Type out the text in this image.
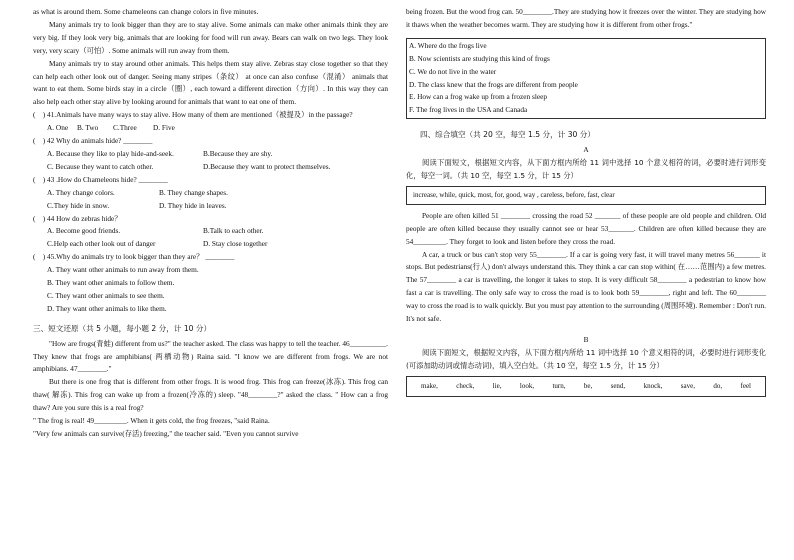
as what is around them. Some chameleons can change colors in five minutes.

Many animals try to look bigger than they are to stay alive. Some animals can make other animals think they are very big. If they look very big, animals that are looking for food will run away. Bears can walk on two legs. They look very, very scary（可怕）. Some animals will run away from them.

Many animals try to stay around other animals. This helps them stay alive. Zebras stay close together so that they can help each other look out of danger. Seeing many stripes（条纹） at once can also confuse（混淆） animals that want to eat them. Some birds stay in a circle（圈）, each toward a different direction（方向）. In this way they can also help each other stay alive by looking around for animals that want to eat one of them.

(　) 41.Animals have many ways to stay alive. How many of them are mentioned（被提及）in the passage?

A. One	B. Two	C.Three	D. Five

(　) 42 Why do animals hide? ________

A. Because they like to play hide-and-seek.	B.Because they are shy.
C. Because they want to catch other.	D.Because they want to protect themselves.

(　) 43 .How do Chameleons hide? ________

A. They change colors.	B. They change shapes.
C.They hide in snow.	D. They hide in leaves.

(　) 44 How do zebras hide？

A. Become good friends.	B.Talk to each other.
C.Help each other look out of danger	D. Stay close together

(　) 45.Why do animals try to look bigger than they are？ ________

A. They want other animals to run away from them.

B. They want other animals to follow them.

C. They want other animals to see them.

D. They want other animals to like them.

三、短文还原（共 5 小题，每小题 2 分，计 10 分）

"How are frogs(青蛙) different from us?" the teacher asked. The class was happy to tell the teacher. 46__________. They knew that frogs are amphibians( 两栖动物) Raina said. "I know we are different from frogs. We are not amphibians. 47________."

But there is one frog that is different from other frogs. It is wood frog. This frog can freeze(冰冻). This frog can thaw( 解冻). This frog can wake up from a frozen(冷冻的) sleep. "48________?" asked the class. " How can a frog thaw? Are you sure this is a real frog?

" The frog is real! 49_________. When it gets cold, the frog freezes, "said Raina.

"Very few animals can survive(存活) freezing," the teacher said. "Even you cannot survive

being frozen. But the wood frog can. 50________.They are studying how it freezes over the winter. They are studying how it thaws when the weather becomes warm. They are studying how it is different from other frogs."

A. Where do the frogs live

B. Now scientists are studying this kind of frogs

C. We do not live in the water

D. The class knew that the frogs are different from people

E. How can a frog wake up from a frozen sleep

F. The frog lives in the USA and Canada

四、综合填空（共 20 空，每空 1.5 分，计 30 分）
A

阅读下面短文，根据短文内容，从下面方框内所给 11 词中选择 10 个意义相符的词，必要时进行词形变化，每空一词。（共 10 空，每空 1.5 分，计 15 分）

increase, while, quick, most, for, good, way , careless, before, fast, clear

People are often killed 51 ________ crossing the road 52 _______ of these people are old people and children. Old people are often killed because they usually cannot see or hear 53_______. Children are often killed because they are 54_________. They forget to look and listen before they cross the road.

A car, a truck or bus can't stop very 55________. If a car is going very fast, it will travel many metres 56_______ it stops. But pedestrians(行人) don't always understand this. They think a car can stop within( 在……范围内) a few metres. The 57________ a car is travelling, the longer it takes to stop. It is very difficult 58________ a pedestrian to know how fast a car is travelling. The only safe way to cross the road is to look both 59________, right and left. The 60________ way to cross the road is to walk quickly. But you must pay attention to the surrounding (周围环境). Remember : Don't run. It's not safe.

B

阅读下面短文，根据短文内容，从下面方框内所给 11 词中选择 10 个意义相符的词，必要时进行词形变化(可添加助动词或情态动词)，填入空白处。（共 10 空，每空 1.5 分，计 15 分）

make,	check,	lie,	look,	turn,	be,	send,	knock,	save,	do,	feel
